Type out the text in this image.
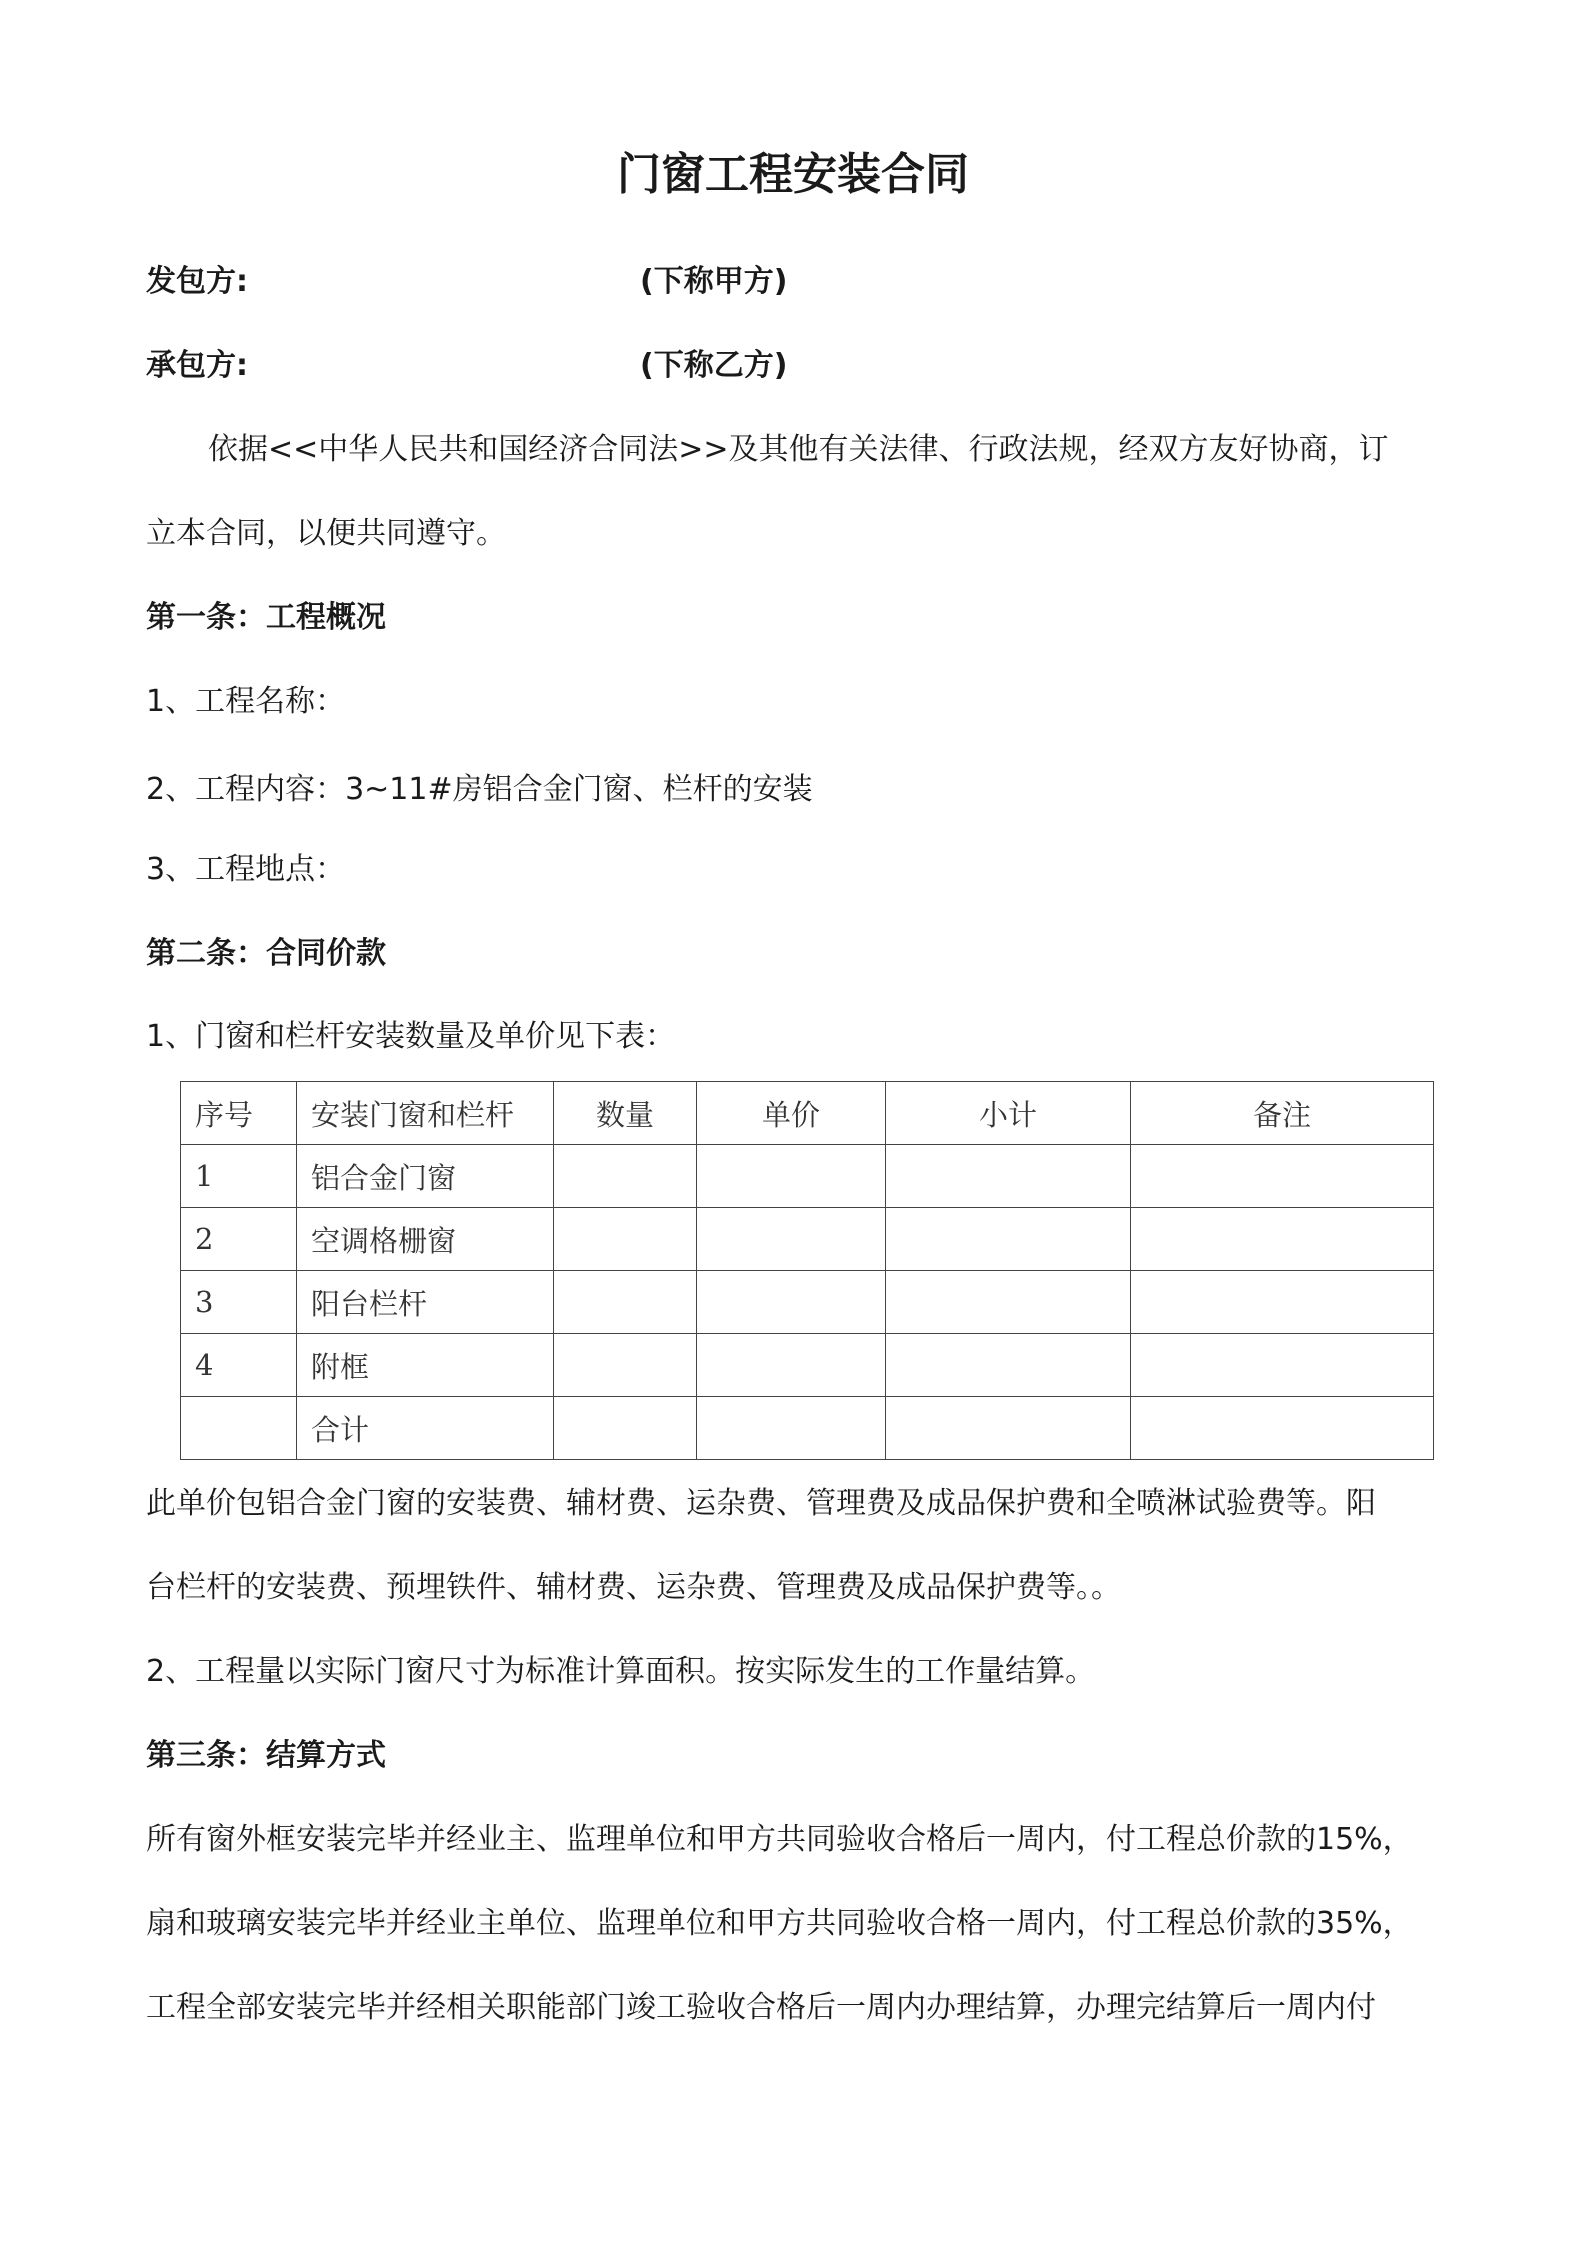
门窗工程安装合同
发包方:	(下称甲方)
承包方:	(下称乙方)
依据<<中华人民共和国经济合同法>>及其他有关法律、行政法规，经双方友好协商，订
立本合同，以便共同遵守。
第一条：工程概况
1、工程名称：
2、工程内容：3~11#房铝合金门窗、栏杆的安装
3、工程地点：
第二条：合同价款
1、门窗和栏杆安装数量及单价见下表：
序号	安装门窗和栏杆	数量	单价	小计	备注
1	铝合金门窗				
2	空调格栅窗				
3	阳台栏杆				
4	附框				
	合计				
此单价包铝合金门窗的安装费、辅材费、运杂费、管理费及成品保护费和全喷淋试验费等。阳
台栏杆的安装费、预埋铁件、辅材费、运杂费、管理费及成品保护费等。。
2、工程量以实际门窗尺寸为标准计算面积。按实际发生的工作量结算。
第三条：结算方式
所有窗外框安装完毕并经业主、监理单位和甲方共同验收合格后一周内，付工程总价款的15%，
扇和玻璃安装完毕并经业主单位、监理单位和甲方共同验收合格一周内，付工程总价款的35%，
工程全部安装完毕并经相关职能部门竣工验收合格后一周内办理结算，办理完结算后一周内付
